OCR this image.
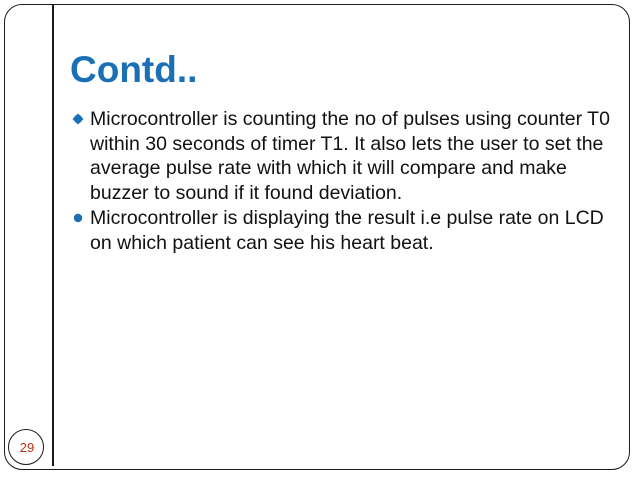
Contd..
Microcontroller is counting the no of pulses using counter T0 within 30 seconds of timer T1. It also lets the user to set the average pulse rate with which it will compare and make buzzer to sound if it found deviation.
Microcontroller is displaying the result i.e pulse rate on LCD on which patient can see his heart beat.
29
